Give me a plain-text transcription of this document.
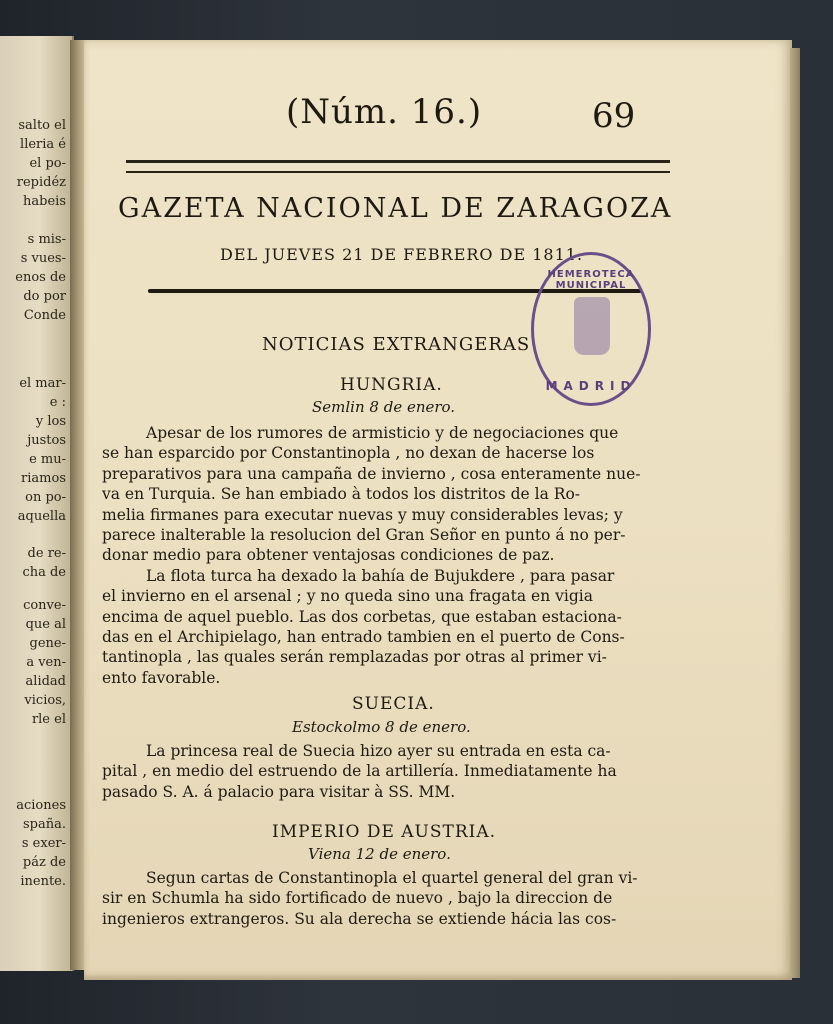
salto el
lleria é
el po-
repidéz
habeis
s mis-
s vues-
enos de
do por
Conde
el mar-
e :
y los
justos
e mu-
riamos
on po-
aquella
de re-
cha de
conve-
que al
gene-
a ven-
alidad
vicios,
rle el
aciones
spaña.
s exer-
páz de
inente.
(Núm. 16.)	69
GAZETA NACIONAL DE ZARAGOZA
DEL JUEVES 21 DE FEBRERO DE 1811.
HEMEROTECA MUNICIPAL
MADRID
NOTICIAS EXTRANGERAS
HUNGRIA.
Semlin 8 de enero.
Apesar de los rumores de armisticio y de negociaciones que
se han esparcido por Constantinopla , no dexan de hacerse los
preparativos para una campaña de invierno , cosa enteramente nue-
va en Turquia. Se han embiado à todos los distritos de la Ro-
melia firmanes para executar nuevas y muy considerables levas; y
parece inalterable la resolucion del Gran Señor en punto á no per-
donar medio para obtener ventajosas condiciones de paz.
La flota turca ha dexado la bahía de Bujukdere , para pasar
el invierno en el arsenal ; y no queda sino una fragata en vigia
encima de aquel pueblo. Las dos corbetas, que estaban estaciona-
das en el Archipielago, han entrado tambien en el puerto de Cons-
tantinopla , las quales serán remplazadas por otras al primer vi-
ento favorable.
SUECIA.
Estockolmo 8 de enero.
La princesa real de Suecia hizo ayer su entrada en esta ca-
pital , en medio del estruendo de la artillería. Inmediatamente ha
pasado S. A. á palacio para visitar à SS. MM.
IMPERIO DE AUSTRIA.
Viena 12 de enero.
Segun cartas de Constantinopla el quartel general del gran vi-
sir en Schumla ha sido fortificado de nuevo , bajo la direccion de
ingenieros extrangeros. Su ala derecha se extiende hácia las cos-
